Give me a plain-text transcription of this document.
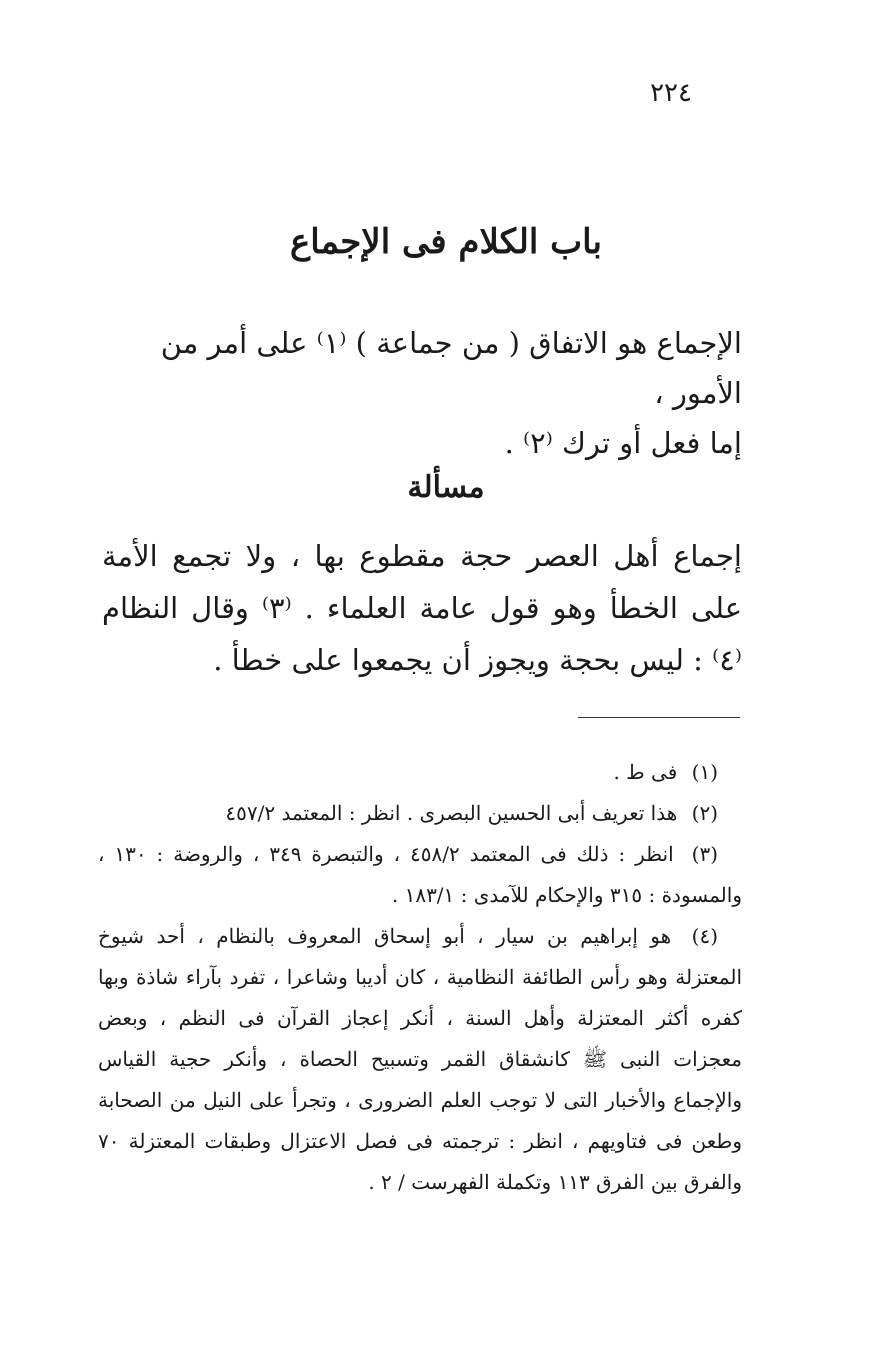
٢٢٤
باب الكلام فى الإجماع
الإجماع هو الاتفاق ( من جماعة ) ⁽١⁾ على أمر من الأمور ،
إما فعل أو ترك ⁽٢⁾ .
مسألة
إجماع أهل العصر حجة مقطوع بها ، ولا تجمع الأمة على الخطأ وهو قول عامة العلماء . ⁽٣⁾ وقال النظام ⁽٤⁾ : ليس بحجة ويجوز أن يجمعوا على خطأ .

(١) فى ط .

(٢) هذا تعريف أبى الحسين البصرى . انظر : المعتمد ٤٥٧/٢

(٣) انظر : ذلك فى المعتمد ٤٥٨/٢ ، والتبصرة ٣٤٩ ، والروضة : ١٣٠ ، والمسودة : ٣١٥ والإحكام للآمدى : ١٨٣/١ .

(٤) هو إبراهيم بن سيار ، أبو إسحاق المعروف بالنظام ، أحد شيوخ المعتزلة وهو رأس الطائفة النظامية ، كان أديبا وشاعرا ، تفرد بآراء شاذة وبها كفره أكثر المعتزلة وأهل السنة ، أنكر إعجاز القرآن فى النظم ، وبعض معجزات النبى ﷺ كانشقاق القمر وتسبيح الحصاة ، وأنكر حجية القياس والإجماع والأخبار التى لا توجب العلم الضرورى ، وتجرأ على النيل من الصحابة وطعن فى فتاويهم ، انظر : ترجمته فى فصل الاعتزال وطبقات المعتزلة ٧٠ والفرق بين الفرق ١١٣ وتكملة الفهرست / ٢ .
